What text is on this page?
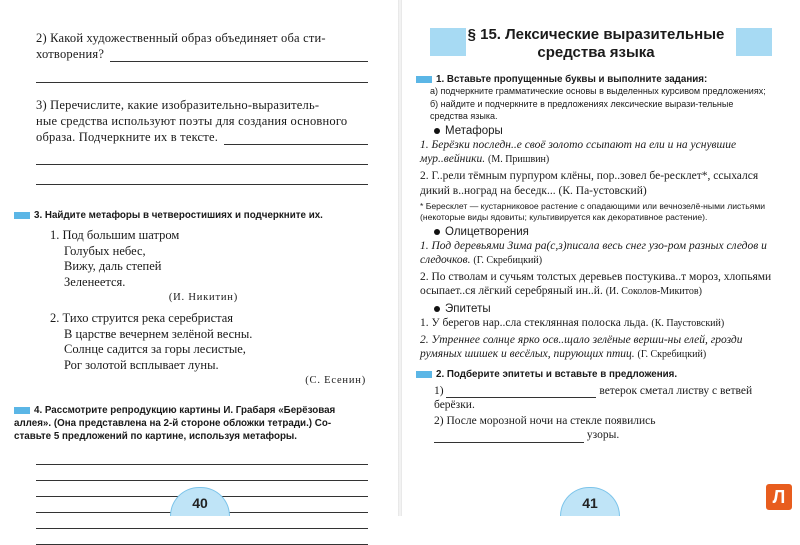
2) Какой художественный образ объединяет оба сти-
хотворения?
3) Перечислите, какие изобразительно-выразитель-
ные средства используют поэты для создания основного
образа. Подчеркните их в тексте.
3. Найдите метафоры в четверостишиях и подчеркните их.
1. Под большим шатром
Голубых небес,
Вижу, даль степей
Зеленеется.
(И. Никитин)
2. Тихо струится река серебристая
В царстве вечернем зелёной весны.
Солнце садится за горы лесистые,
Рог золотой всплывает луны.
(С. Есенин)
4. Рассмотрите репродукцию картины И. Грабаря «Берёзовая
аллея». (Она представлена на 2-й стороне обложки тетради.) Со-
ставьте 5 предложений по картине, используя метафоры.
40
§ 15. Лексические выразительные средства языка
1. Вставьте пропущенные буквы и выполните задания:
а) подчеркните грамматические основы в выделенных курсивом предложениях;
б) найдите и подчеркните в предложениях лексические вырази-тельные средства языка.
Метафоры
1. Берёзки последн..е своё золото ссыпают на ели и на уснувшие мур..вейники. (М. Пришвин)
2. Г..рели тёмным пурпуром клёны, пор..зовел бе-ресклет*, ссыхался дикий в..ноград на беседк... (К. Па-устовский)
* Бересклет — кустарниковое растение с опадающими или вечнозелё-ными листьями (некоторые виды ядовиты; культивируется как декоративное растение).
Олицетворения
1. Под деревьями Зима ра(с,з)писала весь снег узо-ром разных следов и следочков. (Г. Скребицкий)
2. По стволам и сучьям толстых деревьев постукива..т мороз, хлопьями осыпает..ся лёгкий серебряный ин..й. (И. Соколов-Микитов)
Эпитеты
1. У берегов нар..сла стеклянная полоска льда. (К. Паустовский)
2. Утреннее солнце ярко осв..щало зелёные верши-ны елей, грозди румяных шишек и весёлых, пирующих птиц. (Г. Скребицкий)
2. Подберите эпитеты и вставьте в предложения.
1)	ветерок сметал листву с ветвей берёзки.
2) После морозной ночи на стекле появились
узоры.
41	Л
